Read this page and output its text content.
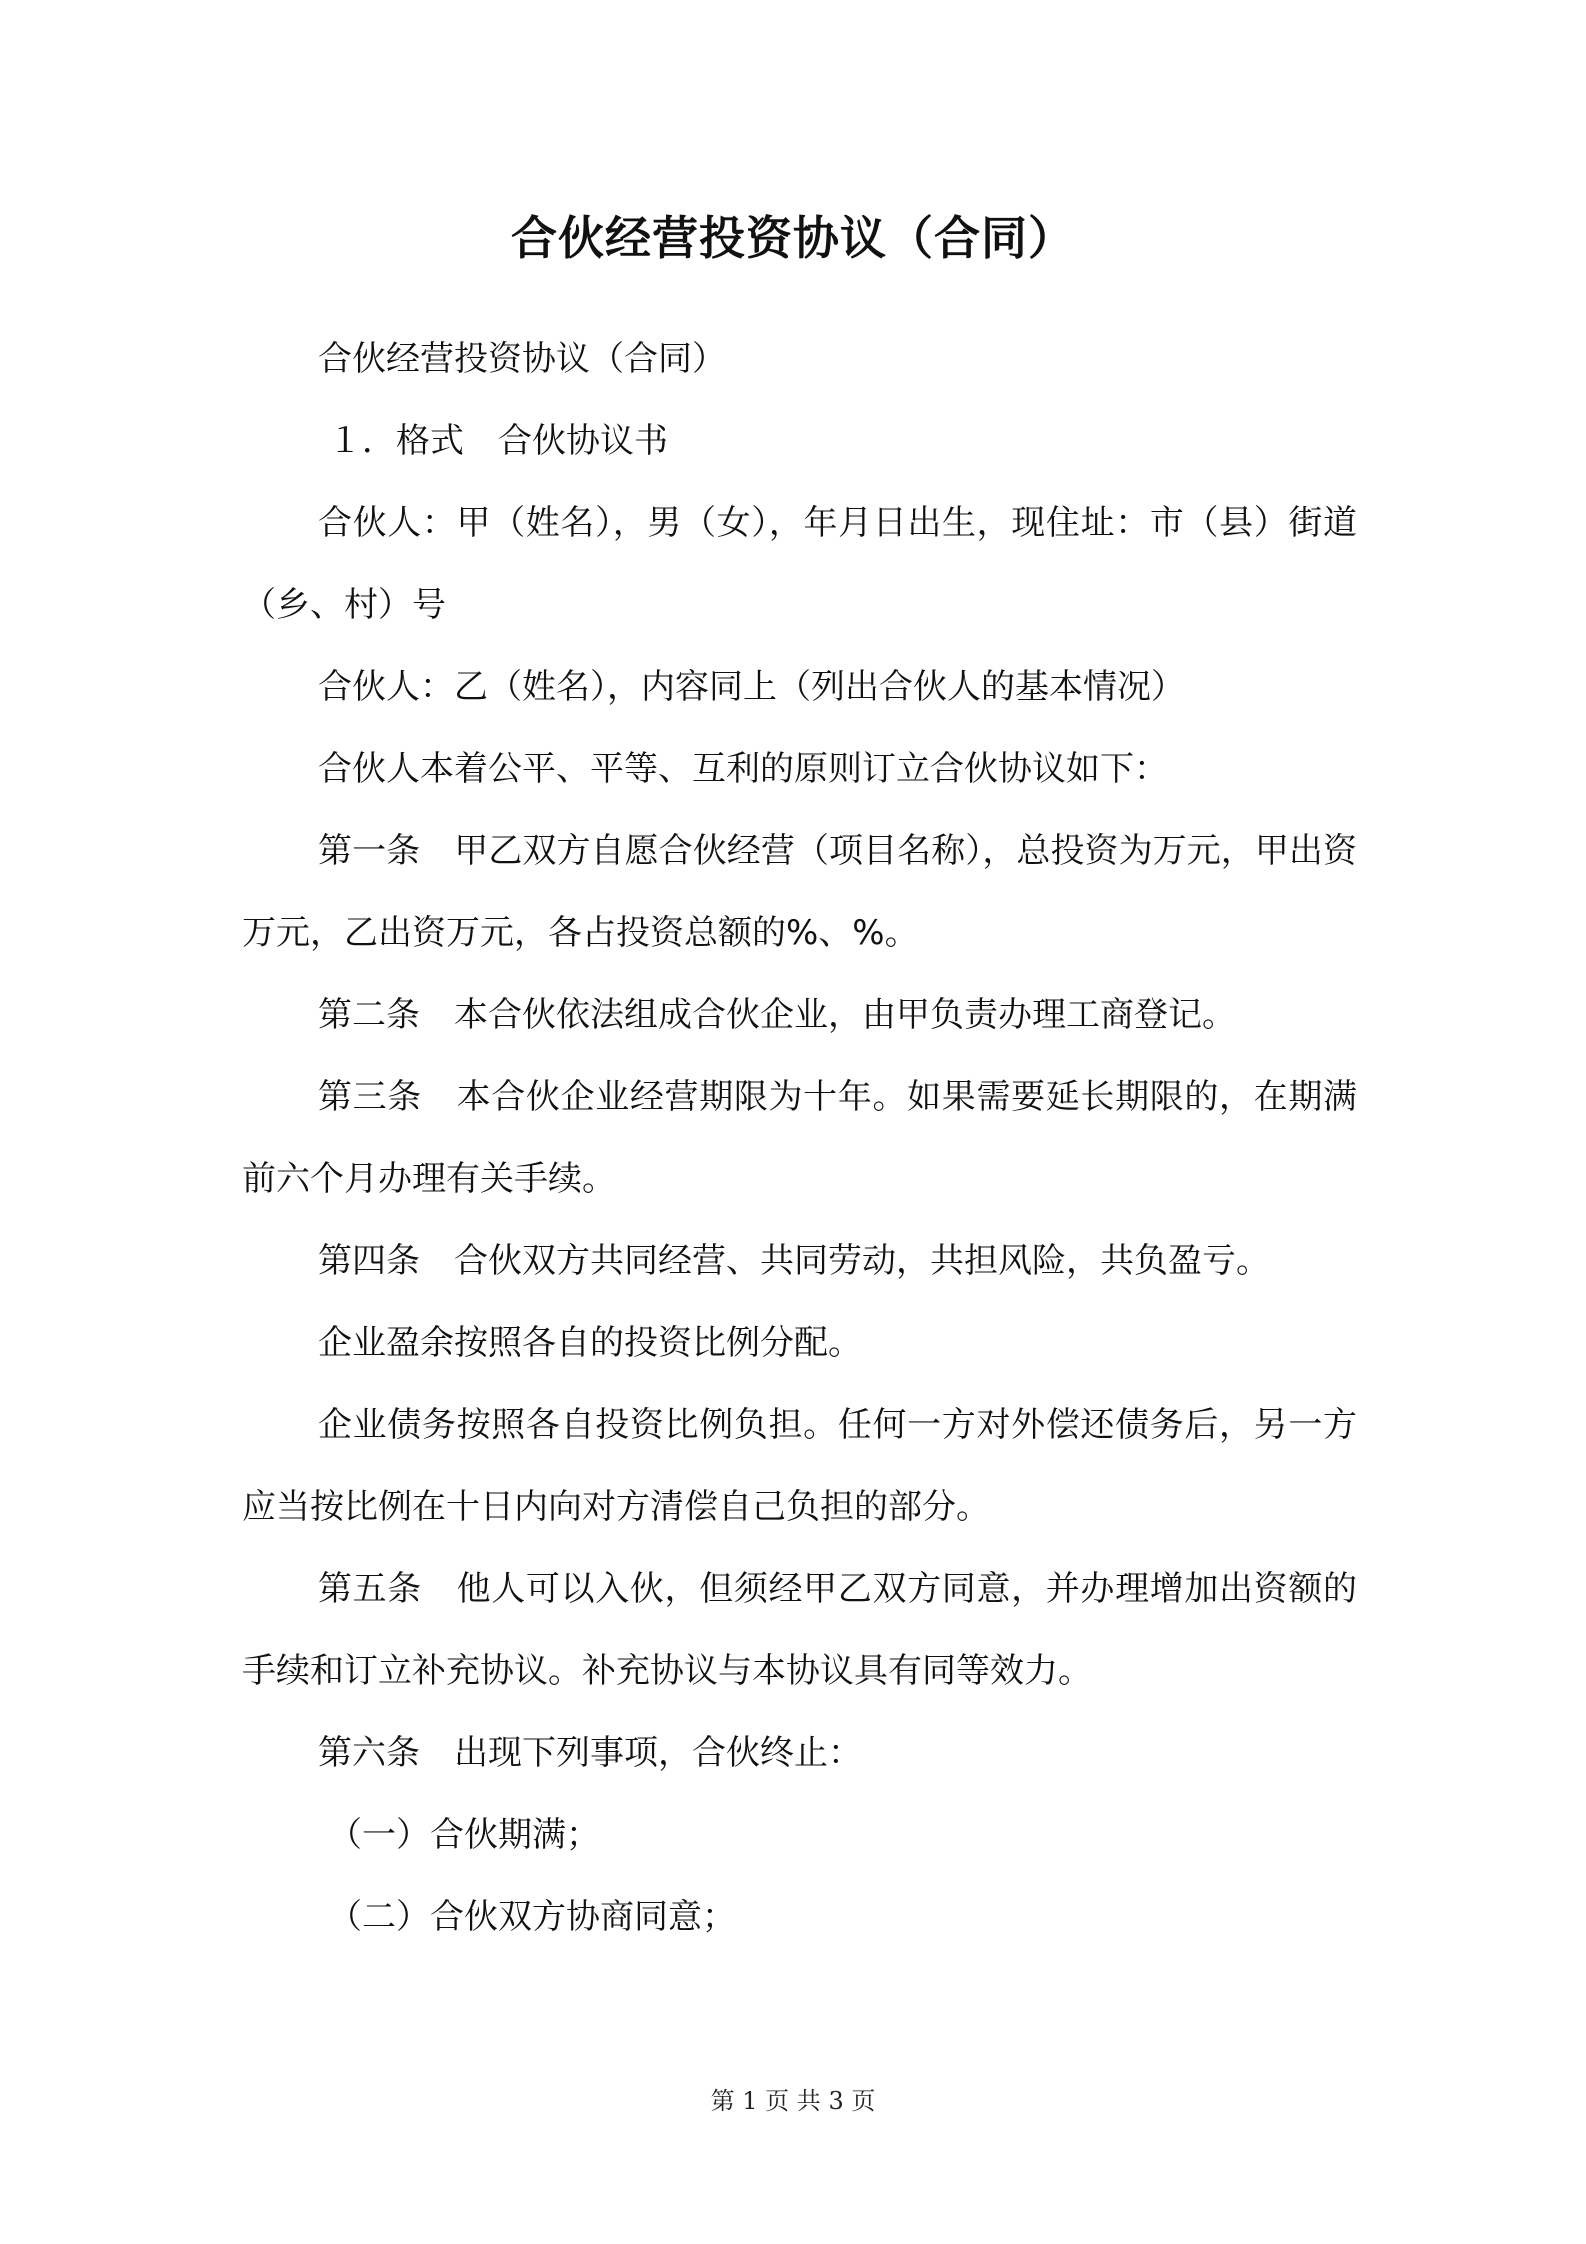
合伙经营投资协议（合同）

合伙经营投资协议（合同）

１．格式　合伙协议书

合伙人：甲（姓名），男（女），年月日出生，现住址：市（县）街道（乡、村）号

合伙人：乙（姓名），内容同上（列出合伙人的基本情况）

合伙人本着公平、平等、互利的原则订立合伙协议如下：

第一条　甲乙双方自愿合伙经营（项目名称），总投资为万元，甲出资万元，乙出资万元，各占投资总额的%、%。

第二条　本合伙依法组成合伙企业，由甲负责办理工商登记。

第三条　本合伙企业经营期限为十年。如果需要延长期限的，在期满前六个月办理有关手续。

第四条　合伙双方共同经营、共同劳动，共担风险，共负盈亏。

企业盈余按照各自的投资比例分配。

企业债务按照各自投资比例负担。任何一方对外偿还债务后，另一方应当按比例在十日内向对方清偿自己负担的部分。

第五条　他人可以入伙，但须经甲乙双方同意，并办理增加出资额的手续和订立补充协议。补充协议与本协议具有同等效力。

第六条　出现下列事项，合伙终止：

（一）合伙期满；

（二）合伙双方协商同意；

第 1 页 共 3 页
